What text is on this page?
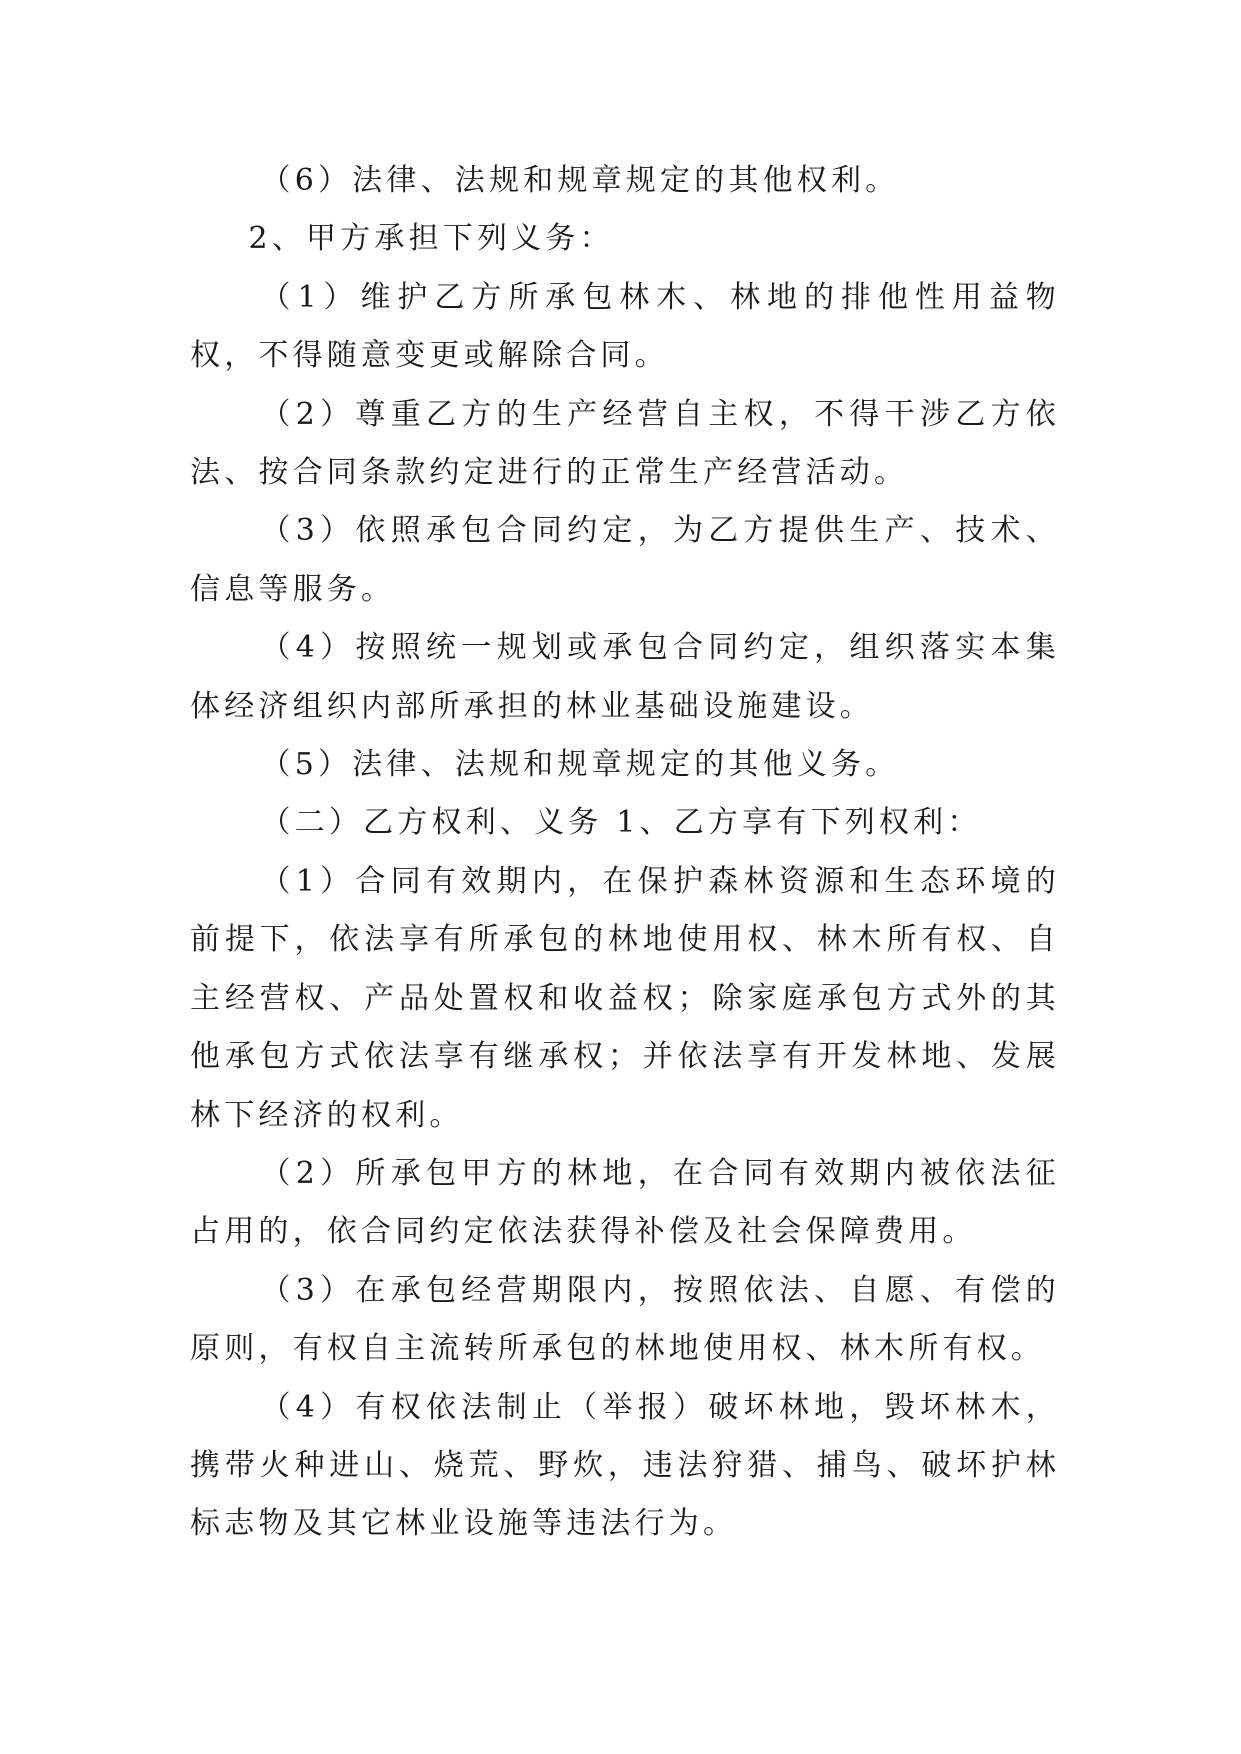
（6）法律、法规和规章规定的其他权利。

2、甲方承担下列义务：

（1）维护乙方所承包林木、林地的排他性用益物权，不得随意变更或解除合同。

（2）尊重乙方的生产经营自主权，不得干涉乙方依法、按合同条款约定进行的正常生产经营活动。

（3）依照承包合同约定，为乙方提供生产、技术、信息等服务。

（4）按照统一规划或承包合同约定，组织落实本集体经济组织内部所承担的林业基础设施建设。

（5）法律、法规和规章规定的其他义务。

（二）乙方权利、义务 1、乙方享有下列权利：

（1）合同有效期内，在保护森林资源和生态环境的前提下，依法享有所承包的林地使用权、林木所有权、自主经营权、产品处置权和收益权；除家庭承包方式外的其他承包方式依法享有继承权；并依法享有开发林地、发展林下经济的权利。

（2）所承包甲方的林地，在合同有效期内被依法征占用的，依合同约定依法获得补偿及社会保障费用。

（3）在承包经营期限内，按照依法、自愿、有偿的原则，有权自主流转所承包的林地使用权、林木所有权。

（4）有权依法制止（举报）破坏林地，毁坏林木，携带火种进山、烧荒、野炊，违法狩猎、捕鸟、破坏护林标志物及其它林业设施等违法行为。
